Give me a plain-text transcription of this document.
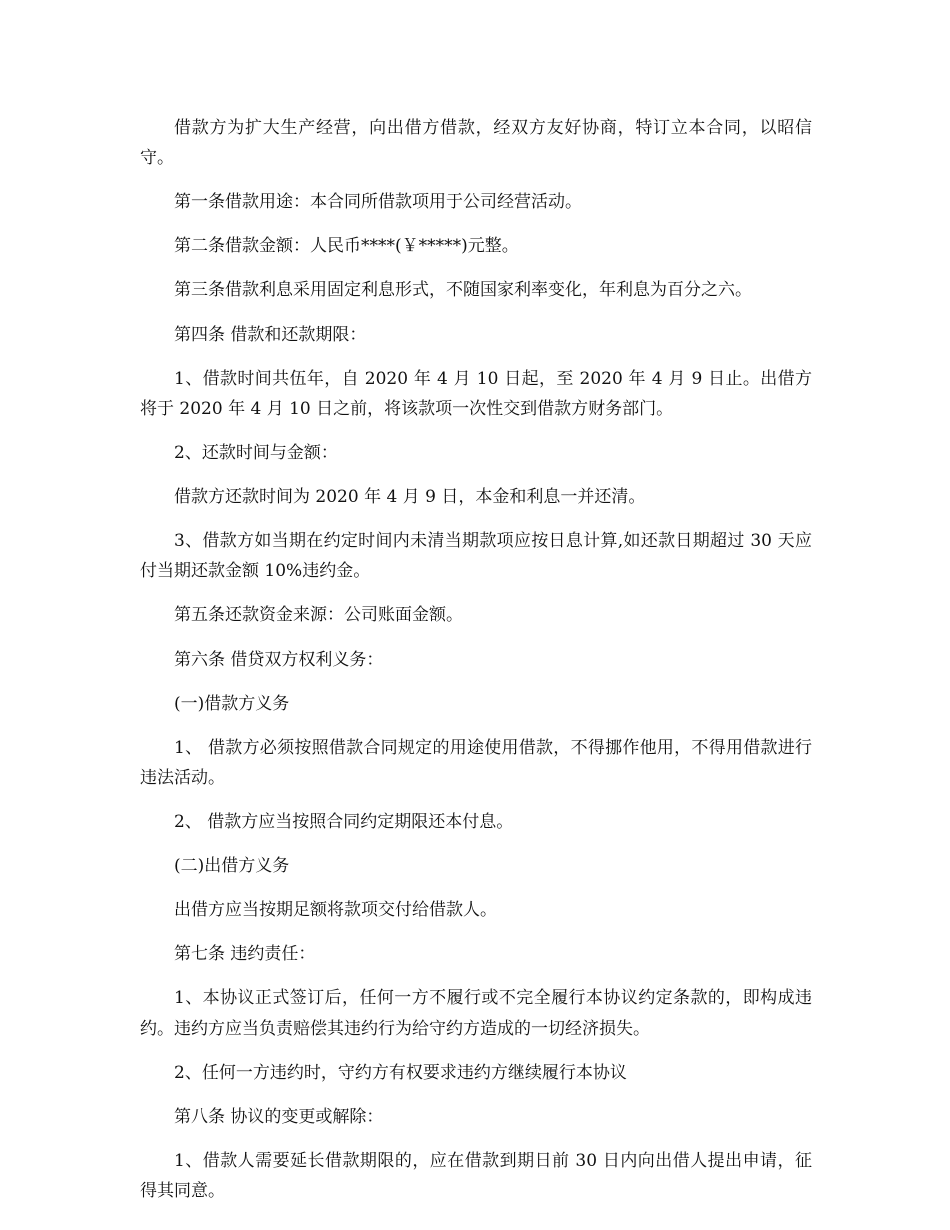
借款方为扩大生产经营，向出借方借款，经双方友好协商，特订立本合同，以昭信守。

第一条借款用途：本合同所借款项用于公司经营活动。

第二条借款金额：人民币****(￥*****)元整。

第三条借款利息采用固定利息形式，不随国家利率变化，年利息为百分之六。

第四条 借款和还款期限：

1、借款时间共伍年，自 2020 年 4 月 10 日起，至 2020 年 4 月 9 日止。出借方将于 2020 年 4 月 10 日之前，将该款项一次性交到借款方财务部门。

2、还款时间与金额：

借款方还款时间为 2020 年 4 月 9 日，本金和利息一并还清。

3、借款方如当期在约定时间内未清当期款项应按日息计算,如还款日期超过 30 天应付当期还款金额 10%违约金。

第五条还款资金来源：公司账面金额。

第六条 借贷双方权利义务：

(一)借款方义务

1、 借款方必须按照借款合同规定的用途使用借款，不得挪作他用，不得用借款进行违法活动。

2、 借款方应当按照合同约定期限还本付息。

(二)出借方义务

出借方应当按期足额将款项交付给借款人。

第七条 违约责任：

1、本协议正式签订后，任何一方不履行或不完全履行本协议约定条款的，即构成违约。违约方应当负责赔偿其违约行为给守约方造成的一切经济损失。

2、任何一方违约时，守约方有权要求违约方继续履行本协议

第八条 协议的变更或解除：

1、借款人需要延长借款期限的，应在借款到期日前 30 日内向出借人提出申请，征得其同意。
